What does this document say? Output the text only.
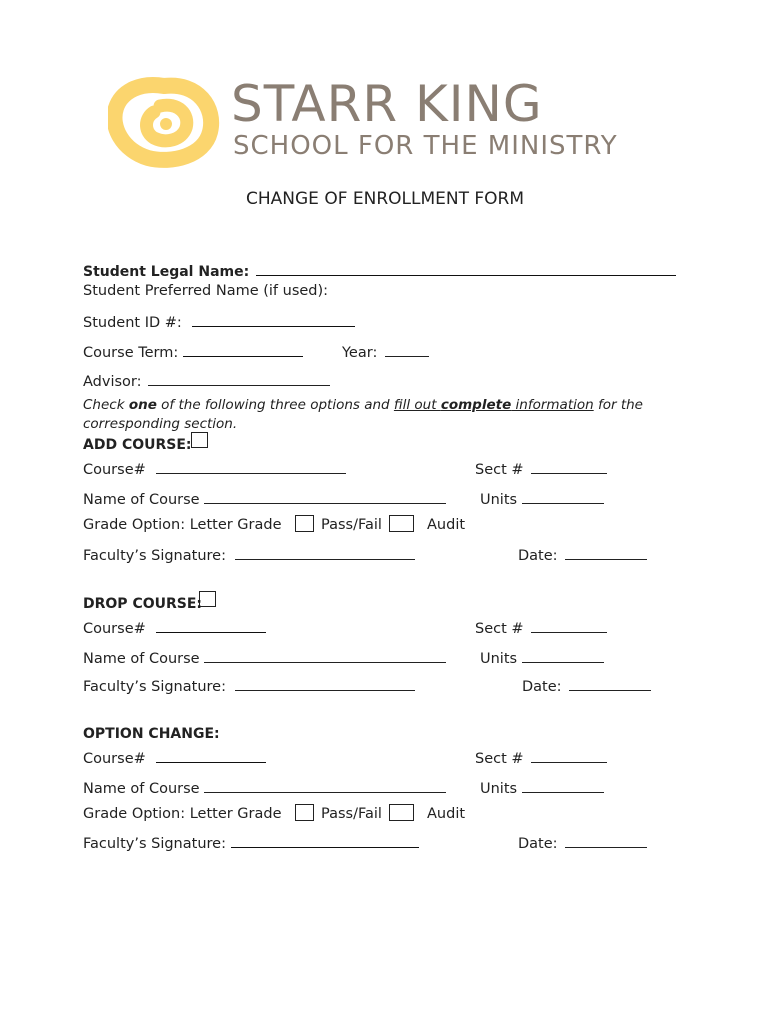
STARR KING
SCHOOL FOR THE MINISTRY
CHANGE OF ENROLLMENT FORM
Student Legal Name:
Student Preferred Name (if used):
Student ID #:
Course Term:	Year:
Advisor:
Check one of the following three options and fill out complete information for the
corresponding section.
ADD COURSE:
Course#	Sect #
Name of Course	Units
Grade Option: Letter Grade	Pass/Fail	Audit
Faculty’s Signature:	Date:
DROP COURSE:
Course#	Sect #
Name of Course	Units
Faculty’s Signature:	Date:
OPTION CHANGE:
Course#	Sect #
Name of Course	Units
Grade Option: Letter Grade	Pass/Fail	Audit
Faculty’s Signature:	Date:
